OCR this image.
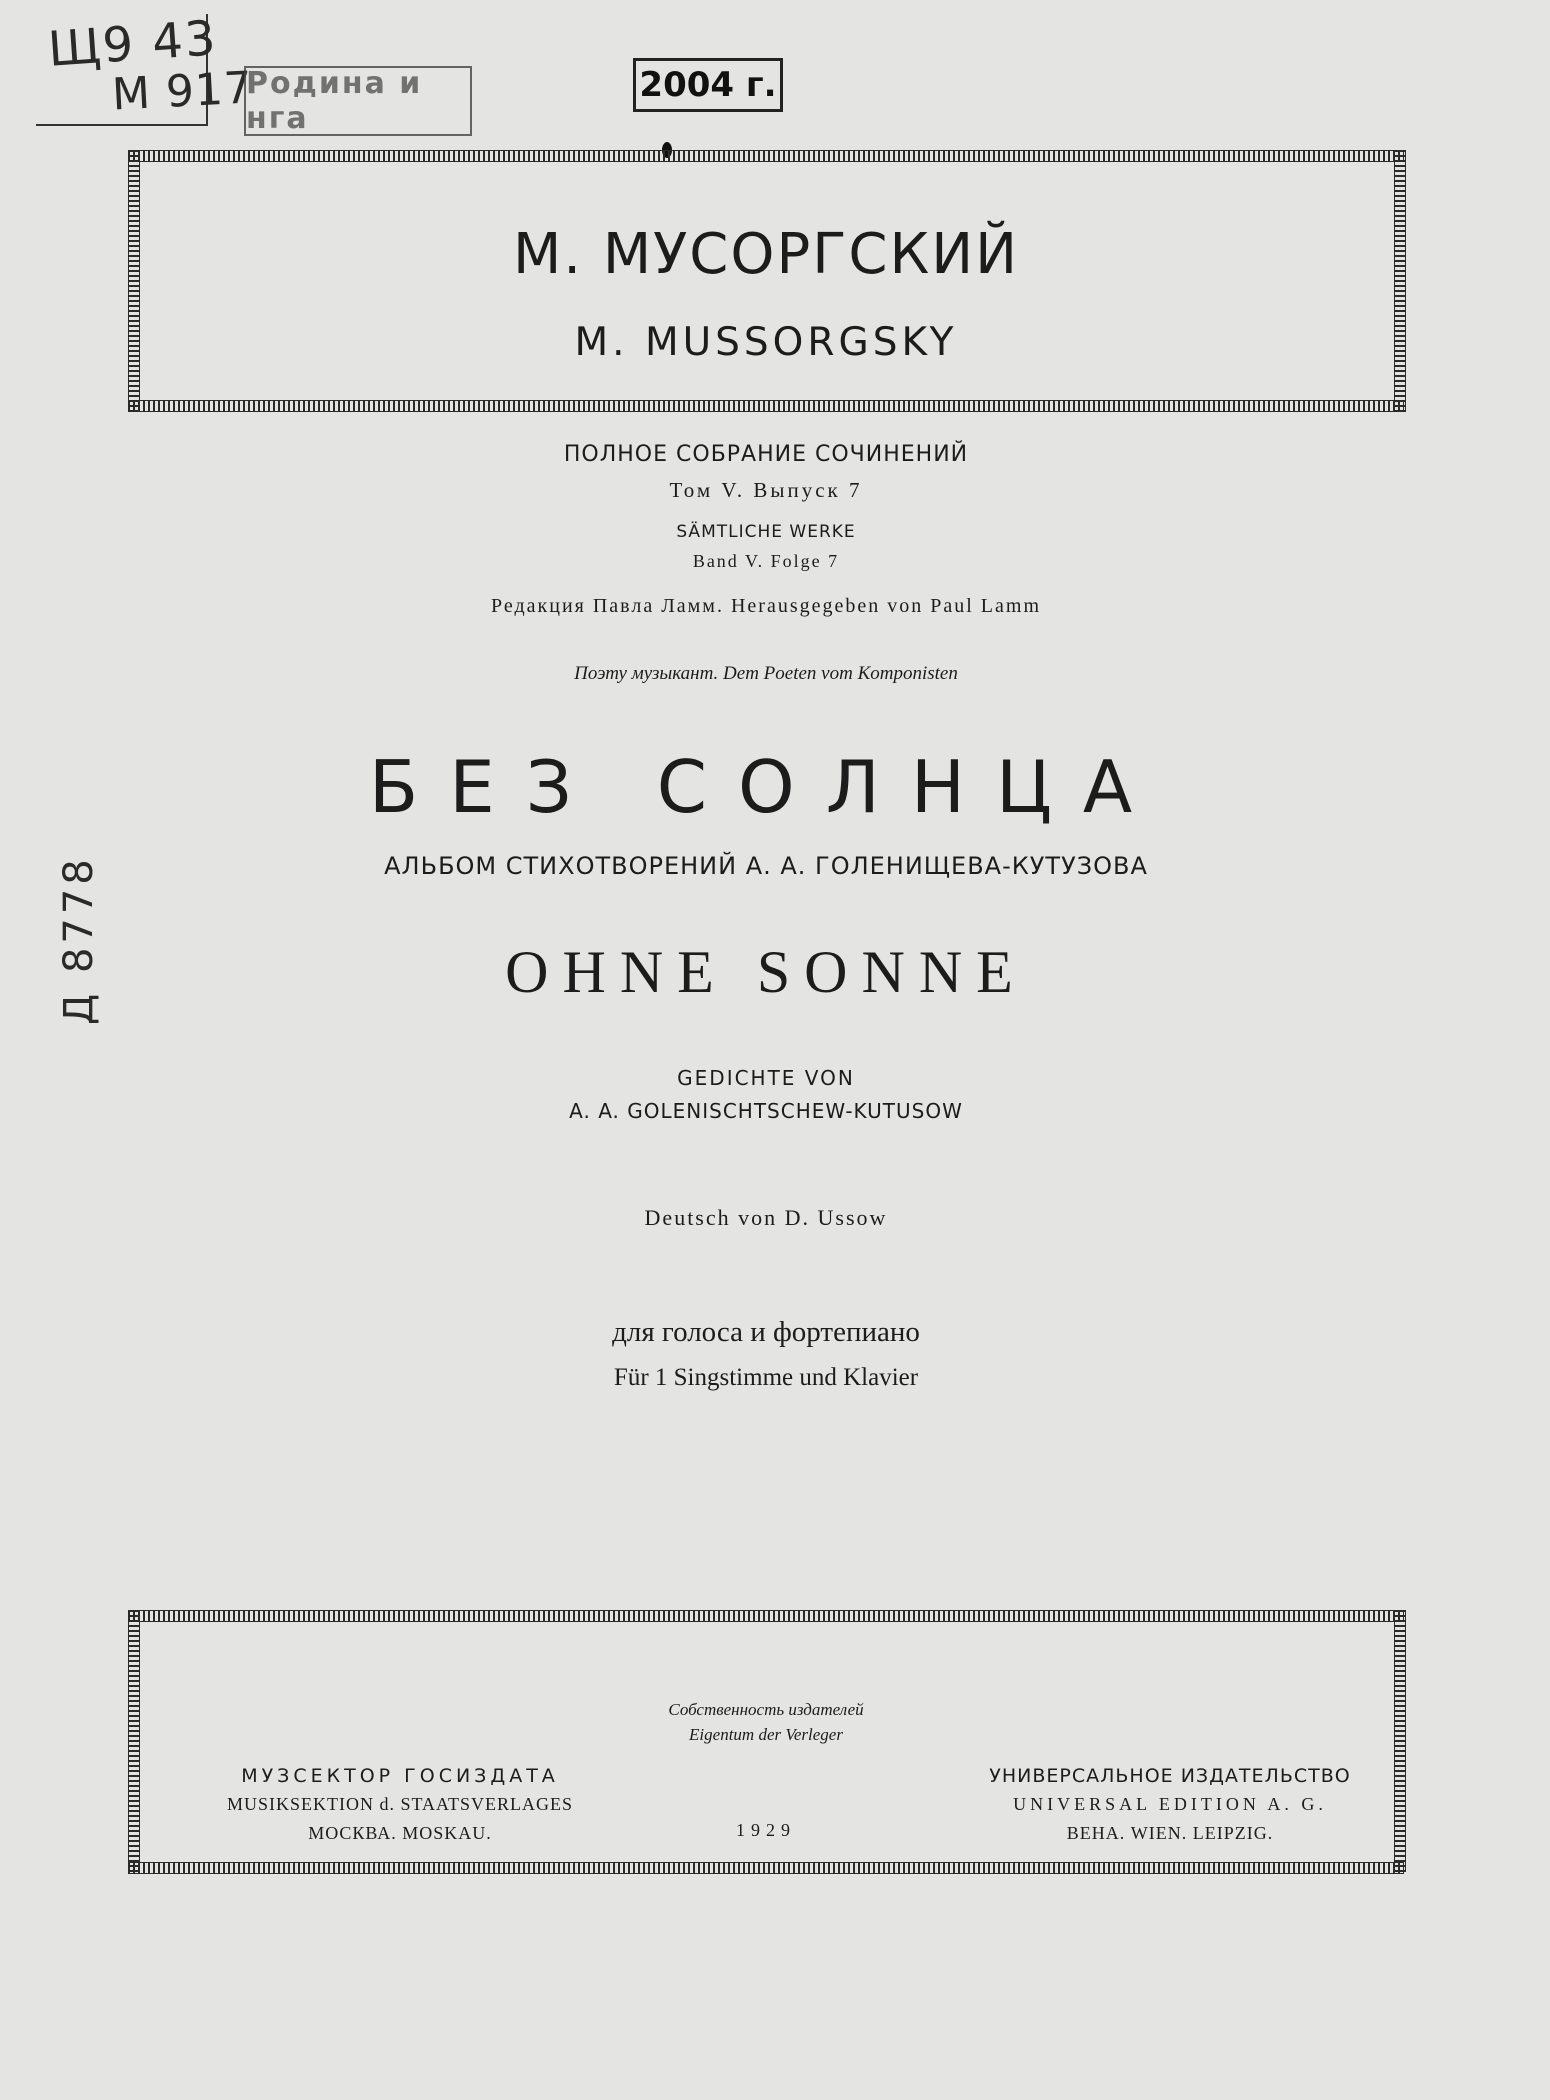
Щ9 43
М 917
Родина и нга
2004 г.
Д 8778
М. МУСОРГСКИЙ
M. MUSSORGSKY
ПОЛНОЕ СОБРАНИЕ СОЧИНЕНИЙ
Том V. Выпуск 7
SÄMTLICHE WERKE
Band V. Folge 7
Редакция Павла Ламм. Herausgegeben von Paul Lamm
Поэту музыкант. Dem Poeten vom Komponisten
БЕЗ СОЛНЦА
АЛЬБОМ СТИХОТВОРЕНИЙ А. А. ГОЛЕНИЩЕВА-КУТУЗОВА
OHNE SONNE
GEDICHTE VON
A. A. GOLENISCHTSCHEW-KUTUSOW
Deutsch von D. Ussow
для голоса и фортепиано
Für 1 Singstimme und Klavier
Собственность издателей
Eigentum der Verleger
МУЗСЕКТОР ГОСИЗДАТА
MUSIKSEKTION d. STAATSVERLAGES
МОСКВА. MOSKAU.	1929
УНИВЕРСАЛЬНОЕ ИЗДАТЕЛЬСТВО
UNIVERSAL EDITION A. G.
ВЕНА. WIEN. LEIPZIG.
